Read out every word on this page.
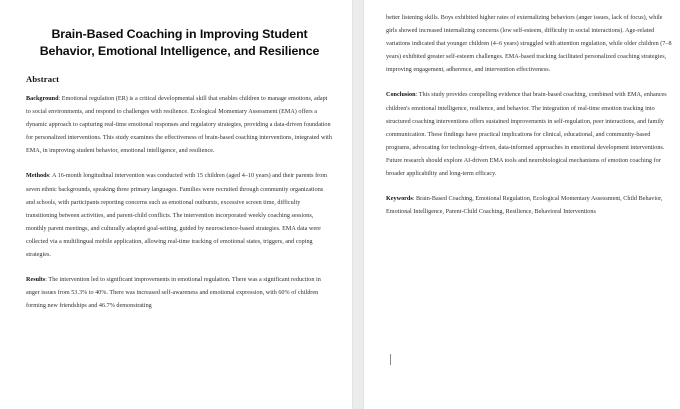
Brain-Based Coaching in Improving Student Behavior, Emotional Intelligence, and Resilience
Abstract

Background: Emotional regulation (ER) is a critical developmental skill that enables children to manage emotions, adapt to social environments, and respond to challenges with resilience. Ecological Momentary Assessment (EMA) offers a dynamic approach to capturing real-time emotional responses and regulatory strategies, providing a data-driven foundation for personalized interventions. This study examines the effectiveness of brain-based coaching interventions, integrated with EMA, in improving student behavior, emotional intelligence, and resilience.

Methods: A 16-month longitudinal intervention was conducted with 15 children (aged 4–10 years) and their parents from seven ethnic backgrounds, speaking three primary languages. Families were recruited through community organizations and schools, with participants reporting concerns such as emotional outbursts, excessive screen time, difficulty transitioning between activities, and parent-child conflicts. The intervention incorporated weekly coaching sessions, monthly parent meetings, and culturally adapted goal-setting, guided by neuroscience-based strategies. EMA data were collected via a multilingual mobile application, allowing real-time tracking of emotional states, triggers, and coping strategies.

Results: The intervention led to significant improvements in emotional regulation. There was a significant reduction in anger issues from 53.3% to 40%. There was increased self-awareness and emotional expression, with 60% of children forming new friendships and 46.7% demonstrating

better listening skills. Boys exhibited higher rates of externalizing behaviors (anger issues, lack of focus), while girls showed increased internalizing concerns (low self-esteem, difficulty in social interactions). Age-related variations indicated that younger children (4–6 years) struggled with attention regulation, while older children (7–8 years) exhibited greater self-esteem challenges. EMA-based tracking facilitated personalized coaching strategies, improving engagement, adherence, and intervention effectiveness.

Conclusion: This study provides compelling evidence that brain-based coaching, combined with EMA, enhances children's emotional intelligence, resilience, and behavior. The integration of real-time emotion tracking into structured coaching interventions offers sustained improvements in self-regulation, peer interactions, and family communication. These findings have practical implications for clinical, educational, and community-based programs, advocating for technology-driven, data-informed approaches in emotional development interventions. Future research should explore AI-driven EMA tools and neurobiological mechanisms of emotion coaching for broader applicability and long-term efficacy.

Keywords: Brain-Based Coaching, Emotional Regulation, Ecological Momentary Assessment, Child Behavior, Emotional Intelligence, Parent-Child Coaching, Resilience, Behavioral Interventions
